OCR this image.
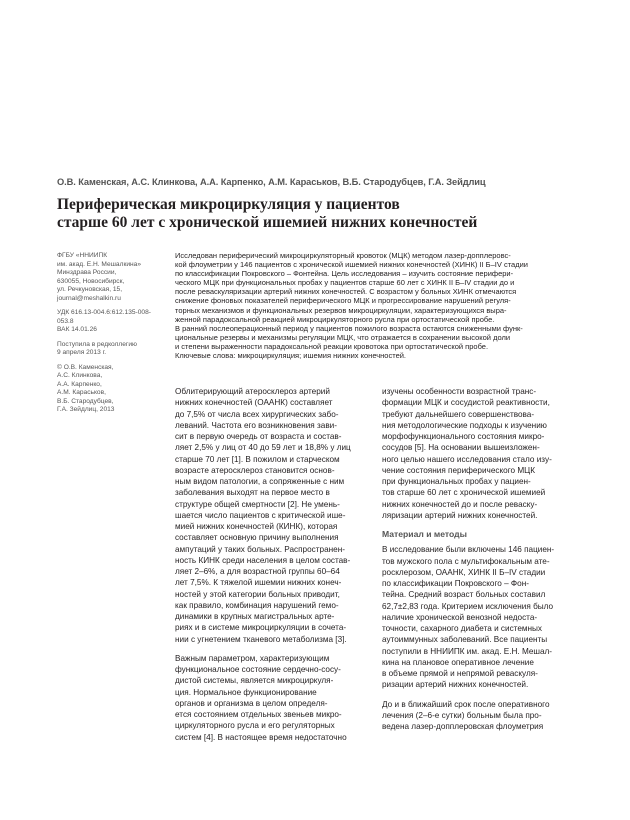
О.В. Каменская, А.С. Клинкова, А.А. Карпенко, А.М. Караськов, В.Б. Стародубцев, Г.А. Зейдлиц
Периферическая микроциркуляция у пациентов
старше 60 лет с хронической ишемией нижних конечностей
ФГБУ «ННИИПК
им. акад. Е.Н. Мешалкина»
Минздрава России,
630055, Новосибирск,
ул. Речкуновская, 15,
journal@meshalkin.ru
УДК 616.13-004.6:612.135-008-
053.8
ВАК 14.01.26
Поступила в редколлегию
9 апреля 2013 г.
© О.В. Каменская,
А.С. Клинкова,
А.А. Карпенко,
А.М. Караськов,
В.Б. Стародубцев,
Г.А. Зейдлиц, 2013
Исследован периферический микроциркуляторный кровоток (МЦК) методом лазер-допплеровс-
кой флоуметрии у 146 пациентов с хронической ишемией нижних конечностей (ХИНК) II Б–IV стадии
по классификации Покровского – Фонтейна. Цель исследования – изучить состояние перифери-
ческого МЦК при функциональных пробах у пациентов старше 60 лет с ХИНК II Б–IV стадии до и
после реваскуляризации артерий нижних конечностей. С возрастом у больных ХИНК отмечаются
снижение фоновых показателей периферического МЦК и прогрессирование нарушений регуля-
торных механизмов и функциональных резервов микроциркуляции, характеризующихся выра-
женной парадоксальной реакцией микроциркуляторного русла при ортостатической пробе.
В ранний послеоперационный период у пациентов пожилого возраста остаются сниженными функ-
циональные резервы и механизмы регуляции МЦК, что отражается в сохранении высокой доли
и степени выраженности парадоксальной реакции кровотока при ортостатической пробе.
Ключевые слова: микроциркуляция; ишемия нижних конечностей.
Облитерирующий атеросклероз артерий
нижних конечностей (ОААНК) составляет
до 7,5% от числа всех хирургических забо-
леваний. Частота его возникновения зави-
сит в первую очередь от возраста и состав-
ляет 2,5% у лиц от 40 до 59 лет и 18,8% у лиц
старше 70 лет [1]. В пожилом и старческом
возрасте атеросклероз становится основ-
ным видом патологии, а сопряженные с ним
заболевания выходят на первое место в
структуре общей смертности [2]. Не умень-
шается число пациентов с критической ише-
мией нижних конечностей (КИНК), которая
составляет основную причину выполнения
ампутаций у таких больных. Распространен-
ность КИНК среди населения в целом состав-
ляет 2–6%, а для возрастной группы 60–64
лет 7,5%. К тяжелой ишемии нижних конеч-
ностей у этой категории больных приводит,
как правило, комбинация нарушений гемо-
динамики в крупных магистральных арте-
риях и в системе микроциркуляции в сочета-
нии с угнетением тканевого метаболизма [3].
Важным параметром, характеризующим
функциональное состояние сердечно-сосу-
дистой системы, является микроциркуля-
ция. Нормальное функционирование
органов и организма в целом определя-
ется состоянием отдельных звеньев микро-
циркуляторного русла и его регуляторных
систем [4]. В настоящее время недостаточно
изучены особенности возрастной транс-
формации МЦК и сосудистой реактивности,
требуют дальнейшего совершенствова-
ния методологические подходы к изучению
морфофункционального состояния микро-
сосудов [5]. На основании вышеизложен-
ного целью нашего исследования стало изу-
чение состояния периферического МЦК
при функциональных пробах у пациен-
тов старше 60 лет с хронической ишемией
нижних конечностей до и после реваску-
ляризации артерий нижних конечностей.
Материал и методы
В исследование были включены 146 пациен-
тов мужского пола с мультифокальным ате-
росклерозом, ОААНК, ХИНК II Б–IV стадии
по классификации Покровского – Фон-
тейна. Средний возраст больных составил
62,7±2,83 года. Критерием исключения было
наличие хронической венозной недоста-
точности, сахарного диабета и системных
аутоиммунных заболеваний. Все пациенты
поступили в ННИИПК им. акад. Е.Н. Мешал-
кина на плановое оперативное лечение
в объеме прямой и непрямой реваскуля-
ризации артерий нижних конечностей.
До и в ближайший срок после оперативного
лечения (2–6-е сутки) больным была про-
ведена лазер-допплеровская флоуметрия
